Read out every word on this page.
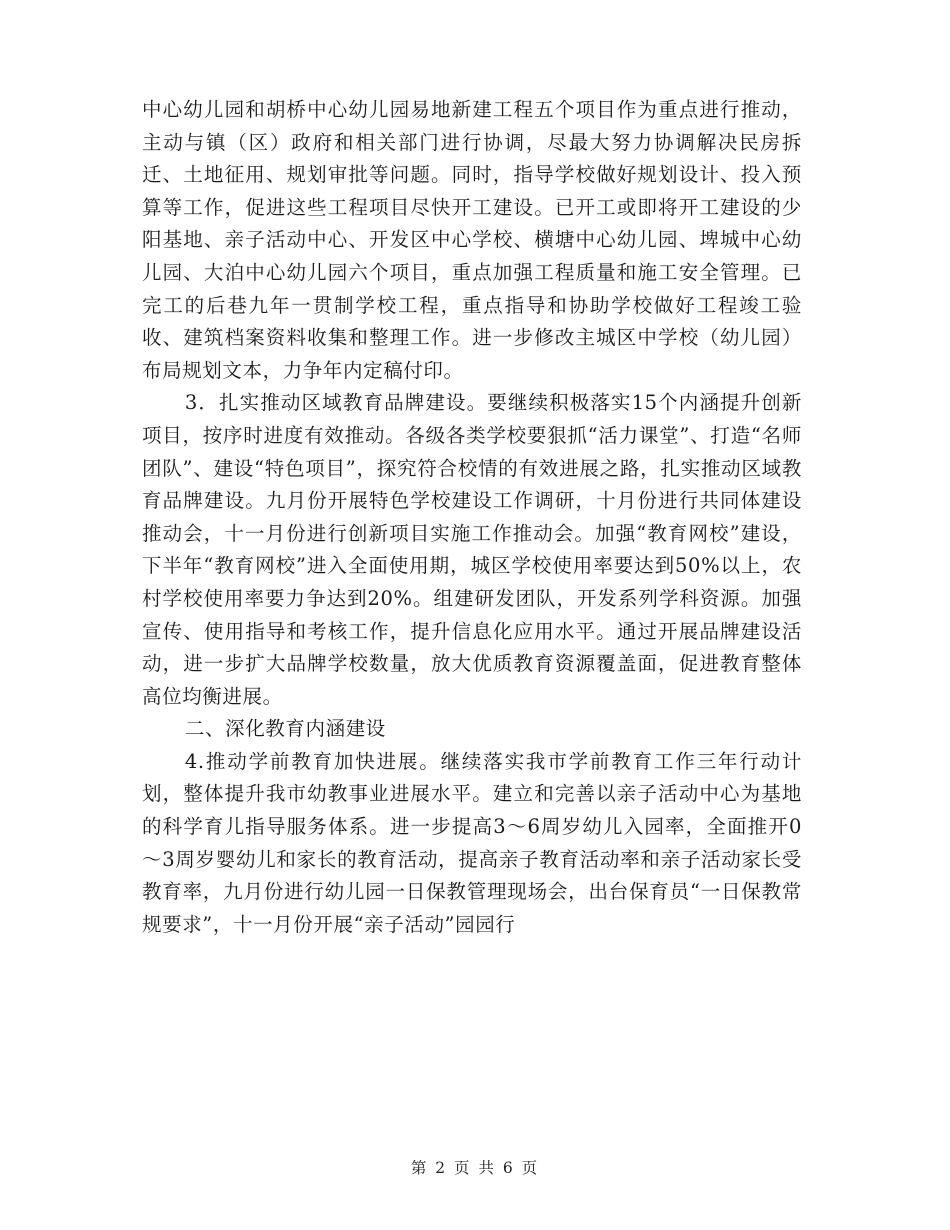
中心幼儿园和胡桥中心幼儿园易地新建工程五个项目作为重点进行推动，主动与镇（区）政府和相关部门进行协调，尽最大努力协调解决民房拆迁、土地征用、规划审批等问题。同时，指导学校做好规划设计、投入预算等工作，促进这些工程项目尽快开工建设。已开工或即将开工建设的少阳基地、亲子活动中心、开发区中心学校、横塘中心幼儿园、埤城中心幼儿园、大泊中心幼儿园六个项目，重点加强工程质量和施工安全管理。已完工的后巷九年一贯制学校工程，重点指导和协助学校做好工程竣工验收、建筑档案资料收集和整理工作。进一步修改主城区中学校（幼儿园）布局规划文本，力争年内定稿付印。

3．扎实推动区域教育品牌建设。要继续积极落实15个内涵提升创新项目，按序时进度有效推动。各级各类学校要狠抓“活力课堂”、打造“名师团队”、建设“特色项目”，探究符合校情的有效进展之路，扎实推动区域教育品牌建设。九月份开展特色学校建设工作调研，十月份进行共同体建设推动会，十一月份进行创新项目实施工作推动会。加强“教育网校”建设，下半年“教育网校”进入全面使用期，城区学校使用率要达到50%以上，农村学校使用率要力争达到20%。组建研发团队，开发系列学科资源。加强宣传、使用指导和考核工作，提升信息化应用水平。通过开展品牌建设活动，进一步扩大品牌学校数量，放大优质教育资源覆盖面，促进教育整体高位均衡进展。

二、深化教育内涵建设

4.推动学前教育加快进展。继续落实我市学前教育工作三年行动计划，整体提升我市幼教事业进展水平。建立和完善以亲子活动中心为基地的科学育儿指导服务体系。进一步提高3～6周岁幼儿入园率，全面推开0～3周岁婴幼儿和家长的教育活动，提高亲子教育活动率和亲子活动家长受教育率，九月份进行幼儿园一日保教管理现场会，出台保育员“一日保教常规要求”，十一月份开展“亲子活动”园园行

第 2 页 共 6 页
